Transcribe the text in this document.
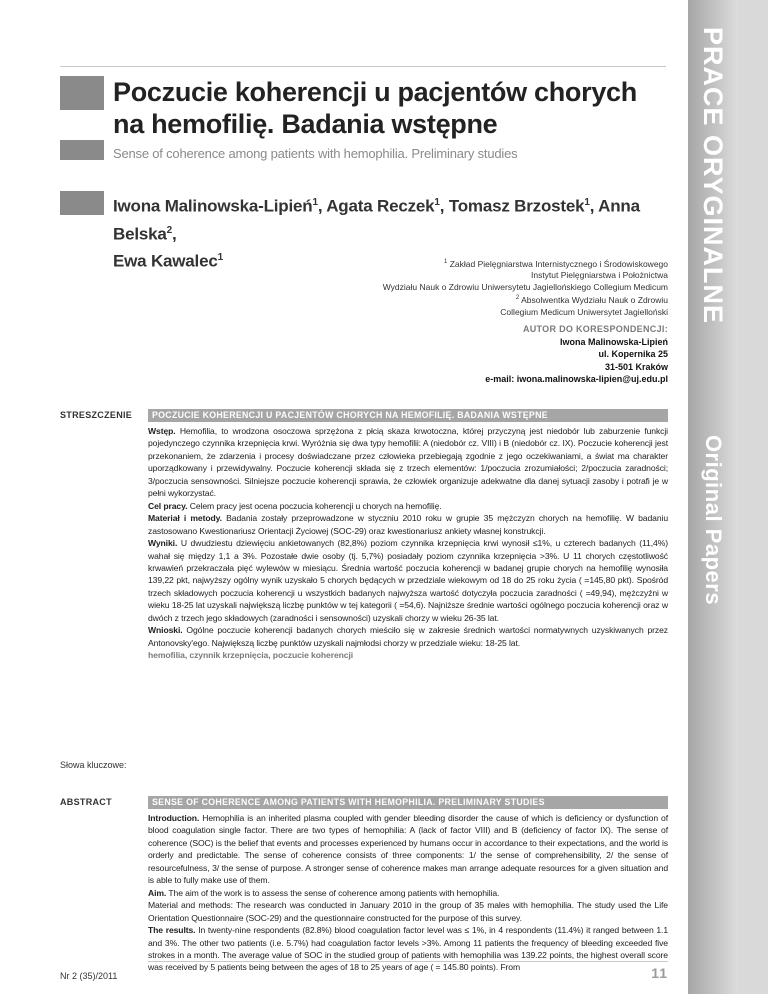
PRACE ORYGINALNE
Original Papers
Poczucie koherencji u pacjentów chorych
na hemofilię. Badania wstępne
Sense of coherence among patients with hemophilia. Preliminary studies
Iwona Malinowska-Lipień$^1$, Agata Reczek$^1$, Tomasz Brzostek$^1$, Anna Belska$^2$,
Ewa Kawalec$^1$	$^1$ Zakład Pielęgniarstwa Internistycznego i Środowiskowego
Instytut Pielęgniarstwa i Położnictwa
Wydziału Nauk o Zdrowiu Uniwersytetu Jagiellońskiego Collegium Medicum
$^2$ Absolwentka Wydziału Nauk o Zdrowiu
Collegium Medicum Uniwersytet Jagielloński
AUTOR DO KORESPONDENCJI:
Iwona Malinowska-Lipień
ul. Kopernika 25
31-501 Kraków
e-mail: iwona.malinowska-lipien@uj.edu.pl
STRESZCZENIE	POCZUCIE KOHERENCJI U PACJENTÓW CHORYCH NA HEMOFILIĘ. BADANIA WSTĘPNE

Wstęp. Hemofilia, to wrodzona osoczowa sprzężona z płcią skaza krwotoczna, której przyczyną jest niedobór lub zaburzenie funkcji pojedynczego czynnika krzepnięcia krwi. Wyróżnia się dwa typy hemofilii: A (niedobór cz. VIII) i B (niedobór cz. IX). Poczucie koherencji jest przekonaniem, że zdarzenia i procesy doświadczane przez człowieka przebiegają zgodnie z jego oczekiwaniami, a świat ma charakter uporządkowany i przewidywalny. Poczucie koherencji składa się z trzech elementów: 1/poczucia zrozumiałości; 2/poczucia zaradności; 3/poczucia sensowności. Silniejsze poczucie koherencji sprawia, że człowiek organizuje adekwatne dla danej sytuacji zasoby i potrafi je w pełni wykorzystać.

Cel pracy. Celem pracy jest ocena poczucia koherencji u chorych na hemofilię.

Materiał i metody. Badania zostały przeprowadzone w styczniu 2010 roku w grupie 35 mężczyzn chorych na hemofilię. W badaniu zastosowano Kwestionariusz Orientacji Życiowej (SOC-29) oraz kwestionariusz ankiety własnej konstrukcji.

Wyniki. U dwudziestu dziewięciu ankietowanych (82,8%) poziom czynnika krzepnięcia krwi wynosił ≤1%, u czterech badanych (11,4%) wahał się między 1,1 a 3%. Pozostałe dwie osoby (tj. 5,7%) posiadały poziom czynnika krzepnięcia >3%. U 11 chorych częstotliwość krwawień przekraczała pięć wylewów w miesiącu. Średnia wartość poczucia koherencji w badanej grupie chorych na hemofilię wynosiła 139,22 pkt, najwyższy ogólny wynik uzyskało 5 chorych będących w przedziale wiekowym od 18 do 25 roku życia ( =145,80 pkt). Spośród trzech składowych poczucia koherencji u wszystkich badanych najwyższa wartość dotyczyła poczucia zaradności ( =49,94), mężczyźni w wieku 18-25 lat uzyskali największą liczbę punktów w tej kategorii ( =54,6). Najniższe średnie wartości ogólnego poczucia koherencji oraz w dwóch z trzech jego składowych (zaradności i sensowności) uzyskali chorzy w wieku 26-35 lat.

Wnioski. Ogólne poczucie koherencji badanych chorych mieściło się w zakresie średnich wartości normatywnych uzyskiwanych przez Antonovsky'ego. Największą liczbę punktów uzyskali najmłodsi chorzy w przedziale wieku: 18-25 lat.

hemofilia, czynnik krzepnięcia, poczucie koherencji

Słowa kluczowe:
ABSTRACT	SENSE OF COHERENCE AMONG PATIENTS WITH HEMOPHILIA. PRELIMINARY STUDIES

Introduction. Hemophilia is an inherited plasma coupled with gender bleeding disorder the cause of which is deficiency or dysfunction of blood coagulation single factor. There are two types of hemophilia: A (lack of factor VIII) and B (deficiency of factor IX). The sense of coherence (SOC) is the belief that events and processes experienced by humans occur in accordance to their expectations, and the world is orderly and predictable. The sense of coherence consists of three components: 1/ the sense of comprehensibility, 2/ the sense of resourcefulness, 3/ the sense of purpose. A stronger sense of coherence makes man arrange adequate resources for a given situation and is able to fully make use of them.

Aim. The aim of the work is to assess the sense of coherence among patients with hemophilia.

Material and methods: The research was conducted in January 2010 in the group of 35 males with hemophilia. The study used the Life Orientation Questionnaire (SOC-29) and the questionnaire constructed for the purpose of this survey.

The results. In twenty-nine respondents (82.8%) blood coagulation factor level was ≤ 1%, in 4 respondents (11.4%) it ranged between 1.1 and 3%. The other two patients (i.e. 5.7%) had coagulation factor levels >3%. Among 11 patients the frequency of bleeding exceeded five strokes in a month. The average value of SOC in the studied group of patients with hemophilia was 139.22 points, the highest overall score was received by 5 patients being between the ages of 18 to 25 years of age ( = 145.80 points). From

Nr 2 (35)/2011	11
